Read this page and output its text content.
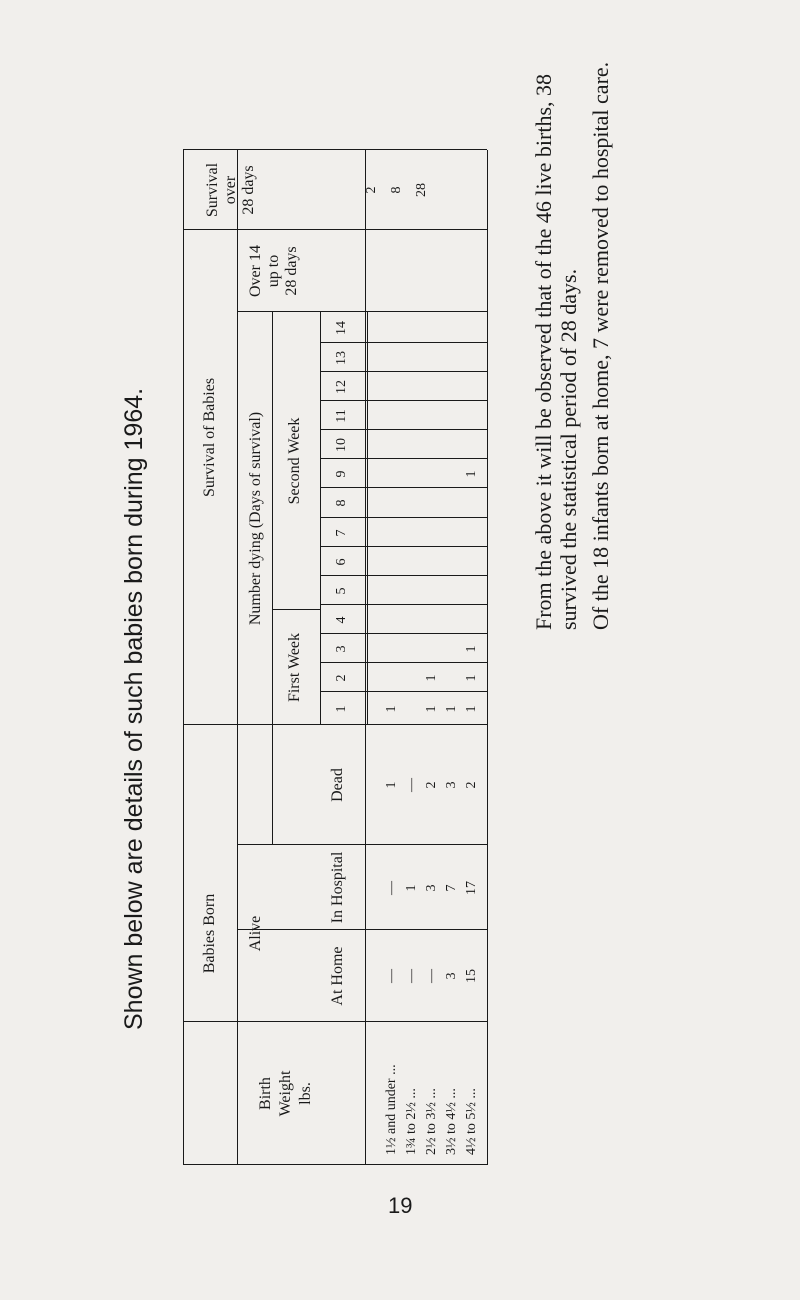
Shown below are details of such babies born during 1964.	Babies Born
Survival of Babies
Alive
Number dying (Days of survival)
First Week
Second Week
At Home
In Hospital
Dead
Birth Weight lbs.
Over 14 up to 28 days
Survival over 28 days
1
2
3
4
5
6
7
8
9
10
11
12
13
14
1½ and under ...
—
—
1
1
2
1¾ to 2½ ...
—
1
—
8
2½ to 3½ ...
—
3
2
1
1
28
3½ to 4½ ...
3
7
3
1
4½ to 5½ ...
15
17
2
1
1
1
1 From the above it will be observed that of the 46 live births, 38 survived the statistical period of 28 days. Of the 18 infants born at home, 7 were removed to hospital care.
19
